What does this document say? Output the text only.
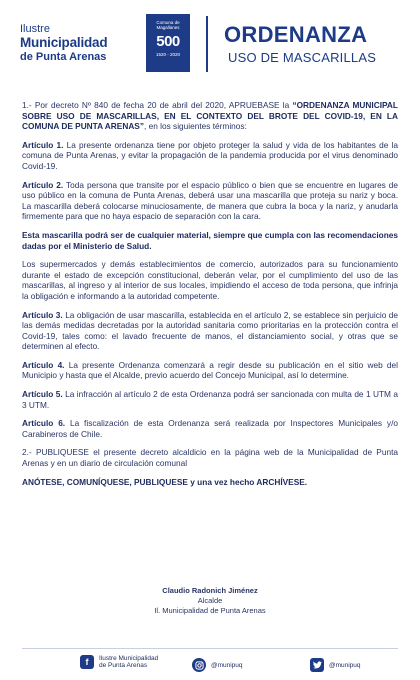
Ilustre
Municipalidad
de Punta Arenas
Comuna de Magallanes
500
1520 - 2020
ORDENANZA
USO DE MASCARILLAS

1.- Por decreto Nº 840 de fecha 20 de abril del 2020, APRUEBASE la “ORDENANZA MUNICIPAL SOBRE USO DE MASCARILLAS, EN EL CONTEXTO DEL BROTE DEL COVID-19, EN LA COMUNA DE PUNTA ARENAS”, en los siguientes términos:

Artículo 1. La presente ordenanza tiene por objeto proteger la salud y vida de los habitantes de la comuna de Punta Arenas, y evitar la propagación de la pandemia producida por el virus denominado Covid-19.

Artículo 2. Toda persona que transite por el espacio público o bien que se encuentre en lugares de uso público en la comuna de Punta Arenas, deberá usar una mascarilla que proteja su nariz y boca. La mascarilla deberá colocarse minuciosamente, de manera que cubra la boca y la nariz, y anudarla firmemente para que no haya espacio de separación con la cara.

Esta mascarilla podrá ser de cualquier material, siempre que cumpla con las recomendaciones dadas por el Ministerio de Salud.

Los supermercados y demás establecimientos de comercio, autorizados para su funcionamiento durante el estado de excepción constitucional, deberán velar, por el cumplimiento del uso de las mascarillas, al ingreso y al interior de sus locales, impidiendo el acceso de toda persona, que infrinja la obligación e informando a la autoridad competente.

Artículo 3. La obligación de usar mascarilla, establecida en el artículo 2, se establece sin perjuicio de las demás medidas decretadas por la autoridad sanitaria como prioritarias en la protección contra el Covid-19, tales como: el lavado frecuente de manos, el distanciamiento social, y otras que se determinen al efecto.

Artículo 4. La presente Ordenanza comenzará a regir desde su publicación en el sitio web del Municipio y hasta que el Alcalde, previo acuerdo del Concejo Municipal, así lo determine.

Artículo 5. La infracción al artículo 2 de esta Ordenanza podrá ser sancionada con multa de 1 UTM a 3 UTM.

Artículo 6. La fiscalización de esta Ordenanza será realizada por Inspectores Municipales y/o Carabineros de Chile.

2.- PUBLIQUESE el presente decreto alcaldicio en la página web de la Municipalidad de Punta Arenas y en un diario de circulación comunal

ANÓTESE, COMUNÍQUESE, PUBLIQUESE y una vez hecho ARCHÍVESE.

Claudio Radonich Jiménez
Alcalde
Il. Municipalidad de Punta Arenas
f	Ilustre Municipalidad
de Punta Arenas	@munipuq	@munipuq
